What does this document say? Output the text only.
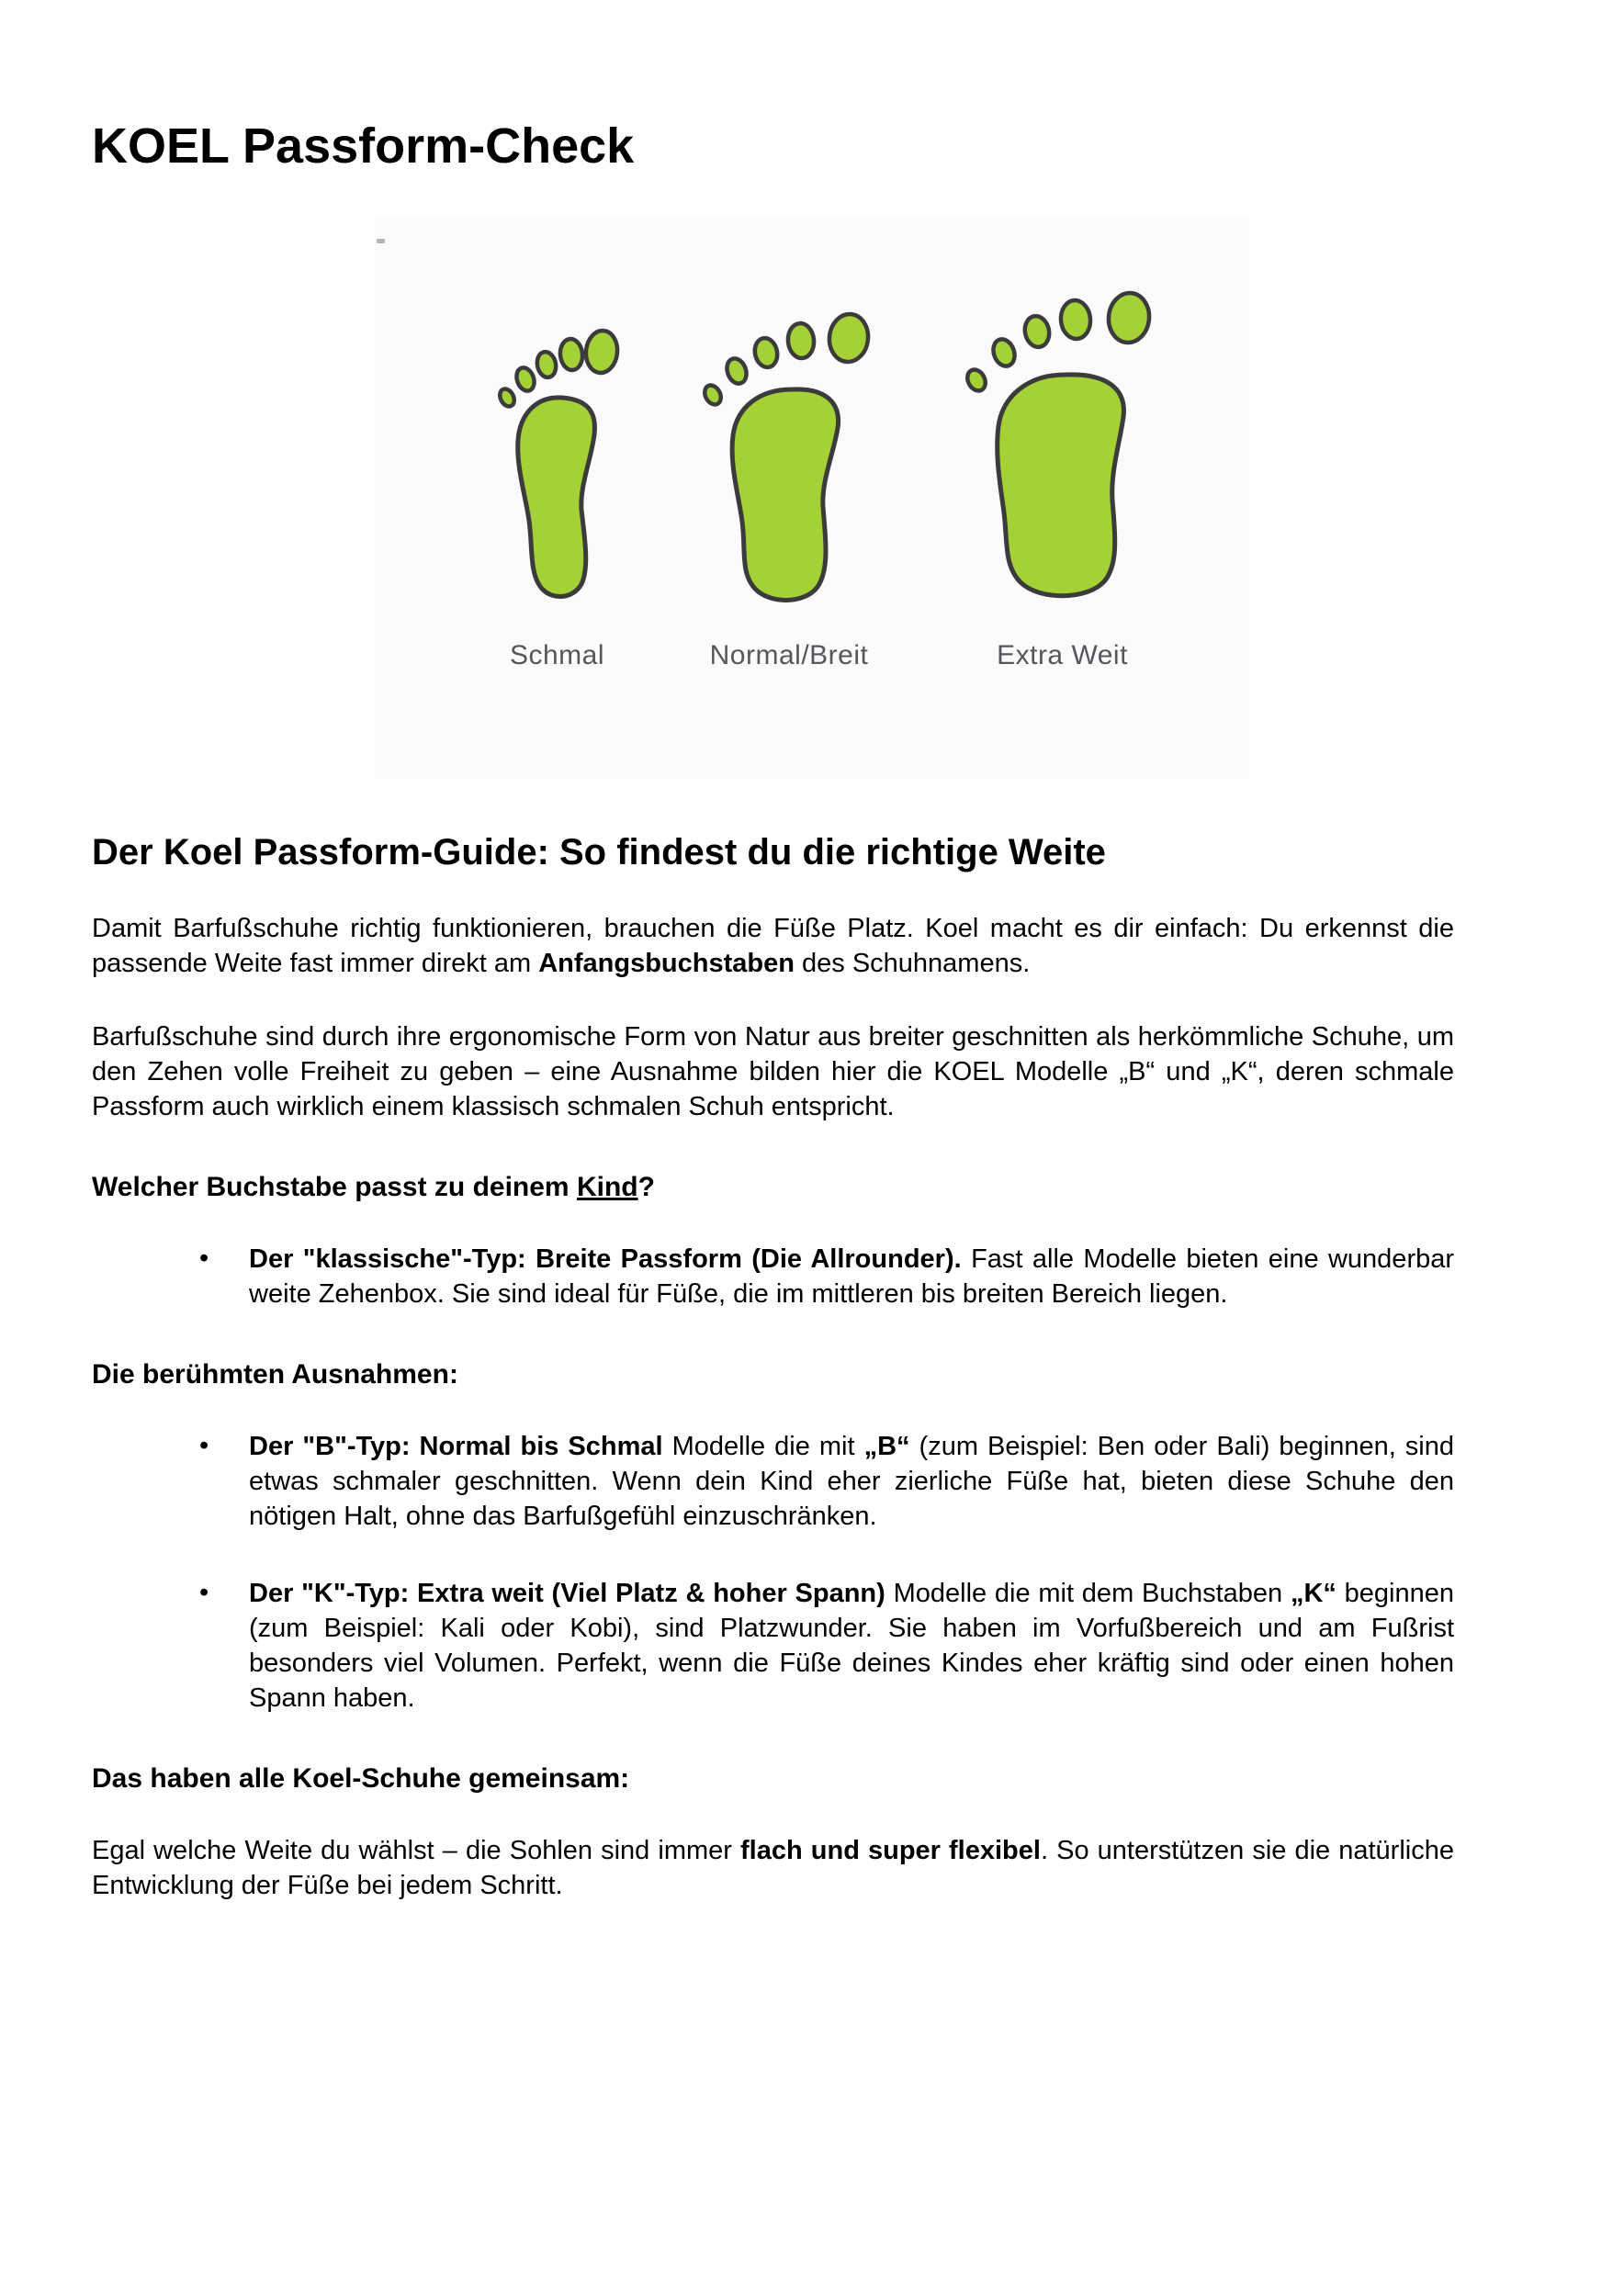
KOEL Passform-Check
Schmal	Normal/Breit	Extra Weit
Der Koel Passform-Guide: So findest du die richtige Weite

Damit Barfußschuhe richtig funktionieren, brauchen die Füße Platz. Koel macht es dir einfach: Du erkennst die passende Weite fast immer direkt am Anfangsbuchstaben des Schuhnamens.

Barfußschuhe sind durch ihre ergonomische Form von Natur aus breiter geschnitten als herkömmliche Schuhe, um den Zehen volle Freiheit zu geben – eine Ausnahme bilden hier die KOEL Modelle „B“ und „K“, deren schmale Passform auch wirklich einem klassisch schmalen Schuh entspricht.

Welcher Buchstabe passt zu deinem Kind?
• Der "klassische"-Typ: Breite Passform (Die Allrounder). Fast alle Modelle bieten eine wunderbar weite Zehenbox. Sie sind ideal für Füße, die im mittleren bis breiten Bereich liegen.
Die berühmten Ausnahmen:
• Der "B"-Typ: Normal bis Schmal Modelle die mit „B“ (zum Beispiel: Ben oder Bali) beginnen, sind etwas schmaler geschnitten. Wenn dein Kind eher zierliche Füße hat, bieten diese Schuhe den nötigen Halt, ohne das Barfußgefühl einzuschränken.
• Der "K"-Typ: Extra weit (Viel Platz & hoher Spann) Modelle die mit dem Buchstaben „K“ beginnen (zum Beispiel: Kali oder Kobi), sind Platzwunder. Sie haben im Vorfußbereich und am Fußrist besonders viel Volumen. Perfekt, wenn die Füße deines Kindes eher kräftig sind oder einen hohen Spann haben.
Das haben alle Koel-Schuhe gemeinsam:

Egal welche Weite du wählst – die Sohlen sind immer flach und super flexibel. So unterstützen sie die natürliche Entwicklung der Füße bei jedem Schritt.
